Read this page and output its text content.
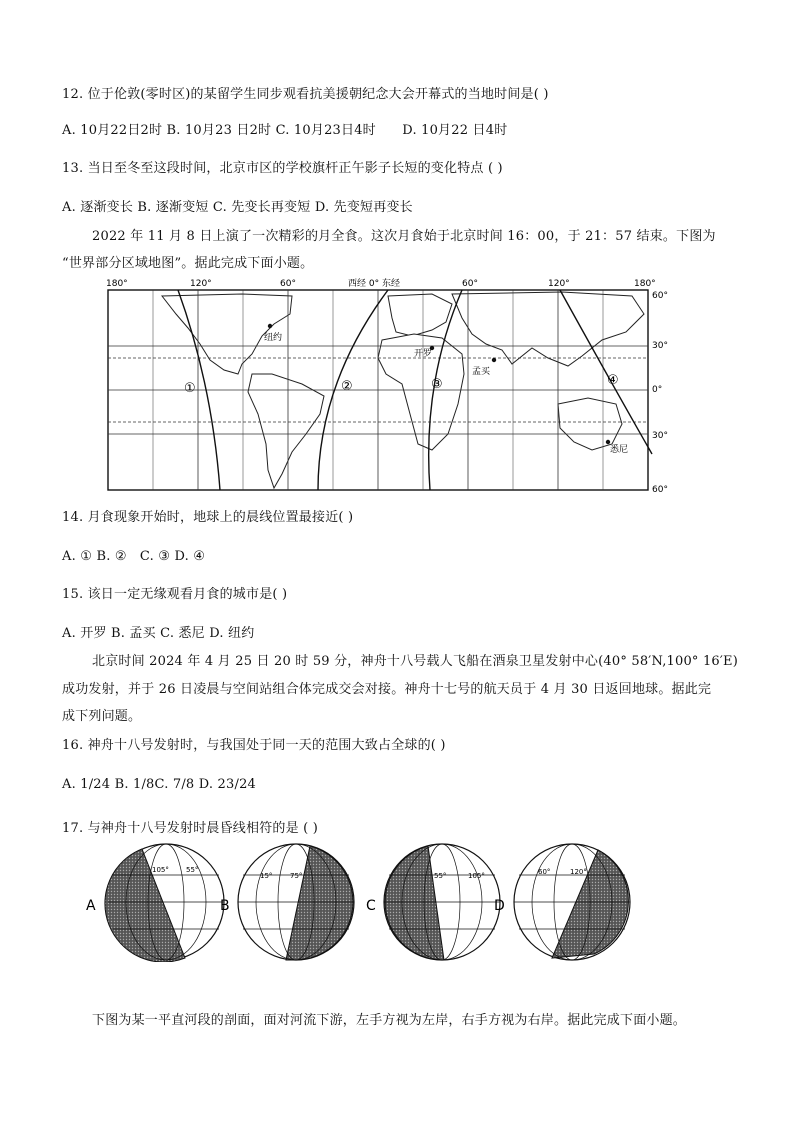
12. 位于伦敦(零时区)的某留学生同步观看抗美援朝纪念大会开幕式的当地时间是( )
A. 10月22日2时 B. 10月23 日2时 C. 10月23日4时　　D. 10月22 日4时
13. 当日至冬至这段时间，北京市区的学校旗杆正午影子长短的变化特点 ( )
A. 逐渐变长 B. 逐渐变短 C. 先变长再变短 D. 先变短再变长
2022 年 11 月 8 日上演了一次精彩的月全食。这次月食始于北京时间 16：00，于 21：57 结束。下图为
“世界部分区域地图”。据此完成下面小题。
180°	120°	60°	西经 0° 东经	60°	120°	180°
①	②	③	④
纽约
开罗
孟买
悉尼
60°
30°
0°
30°
60°
14. 月食现象开始时，地球上的晨线位置最接近( )
A. ① B. ②　C. ③ D. ④
15. 该日一定无缘观看月食的城市是( )
A. 开罗 B. 孟买 C. 悉尼 D. 纽约
北京时间 2024 年 4 月 25 日 20 时 59 分，神舟十八号载人飞船在酒泉卫星发射中心(40° 58′N,100° 16′E)
成功发射，并于 26 日凌晨与空间站组合体完成交会对接。神舟十七号的航天员于 4 月 30 日返回地球。据此完
成下列问题。
16. 神舟十八号发射时，与我国处于同一天的范围大致占全球的( )
A. 1/24 B. 1/8C. 7/8 D. 23/24
17. 与神舟十八号发射时晨昏线相符的是 ( )
A
105° 55°
B
15°	75°
C
55°	105°
D
60°	120°
下图为某一平直河段的剖面，面对河流下游，左手方视为左岸，右手方视为右岸。据此完成下面小题。
